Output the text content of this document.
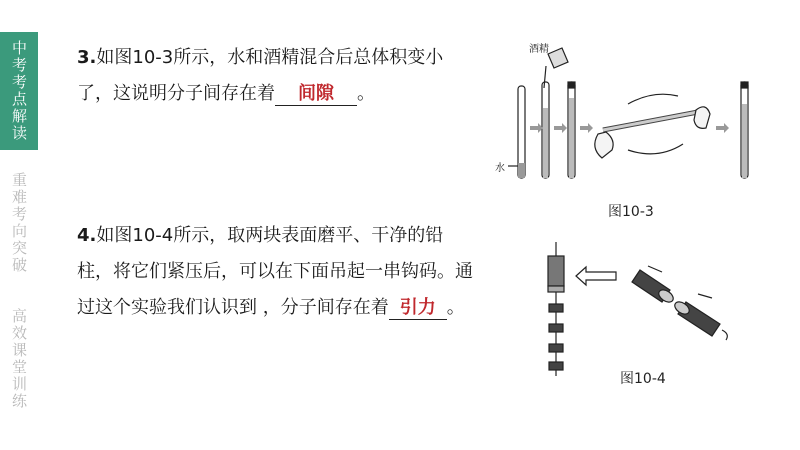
中考考点解读
重难考向突破
高效课堂训练
3.如图10-3所示，水和酒精混合后总体积变小了，这说明分子间存在着 间隙 。
4.如图10-4所示，取两块表面磨平、干净的铅柱，将它们紧压后，可以在下面吊起一串钩码。通过这个实验我们认识到 ，分子间存在着 引力 。
酒精
水
图10-3
图10-4
